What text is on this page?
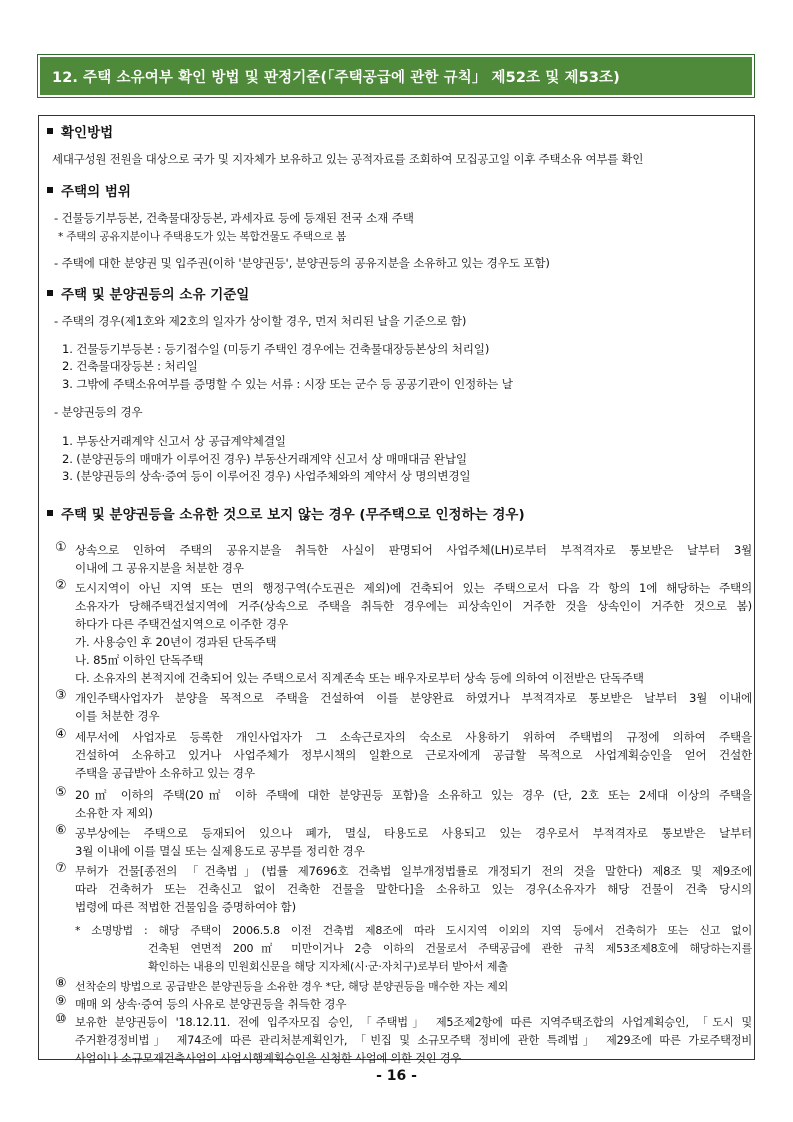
12. 주택 소유여부 확인 방법 및 판정기준(「주택공급에 관한 규칙」 제52조 및 제53조)
확인방법
세대구성원 전원을 대상으로 국가 및 지자체가 보유하고 있는 공적자료를 조회하여 모집공고일 이후 주택소유 여부를 확인
주택의 범위
- 건물등기부등본, 건축물대장등본, 과세자료 등에 등재된 전국 소재 주택
* 주택의 공유지분이나 주택용도가 있는 복합건물도 주택으로 봄
- 주택에 대한 분양권 및 입주권(이하 '분양권등', 분양권등의 공유지분을 소유하고 있는 경우도 포함)
주택 및 분양권등의 소유 기준일
- 주택의 경우(제1호와 제2호의 일자가 상이할 경우, 먼저 처리된 날을 기준으로 함)
1. 건물등기부등본 : 등기접수일 (미등기 주택인 경우에는 건축물대장등본상의 처리일)
2. 건축물대장등본 : 처리일
3. 그밖에 주택소유여부를 증명할 수 있는 서류 : 시장 또는 군수 등 공공기관이 인정하는 날
- 분양권등의 경우
1. 부동산거래계약 신고서 상 공급계약체결일
2. (분양권등의 매매가 이루어진 경우) 부동산거래계약 신고서 상 매매대금 완납일
3. (분양권등의 상속·증여 등이 이루어진 경우) 사업주체와의 계약서 상 명의변경일
주택 및 분양권등을 소유한 것으로 보지 않는 경우 (무주택으로 인정하는 경우)
① 상속으로 인하여 주택의 공유지분을 취득한 사실이 판명되어 사업주체(LH)로부터 부적격자로 통보받은 날부터 3월
이내에 그 공유지분을 처분한 경우
② 도시지역이 아닌 지역 또는 면의 행정구역(수도권은 제외)에 건축되어 있는 주택으로서 다음 각 항의 1에 해당하는 주택의
소유자가 당해주택건설지역에 거주(상속으로 주택을 취득한 경우에는 피상속인이 거주한 것을 상속인이 거주한 것으로 봄)
하다가 다른 주택건설지역으로 이주한 경우
가. 사용승인 후 20년이 경과된 단독주택
나. 85㎡ 이하인 단독주택
다. 소유자의 본적지에 건축되어 있는 주택으로서 직계존속 또는 배우자로부터 상속 등에 의하여 이전받은 단독주택
③ 개인주택사업자가 분양을 목적으로 주택을 건설하여 이를 분양완료 하였거나 부적격자로 통보받은 날부터 3월 이내에
이를 처분한 경우
④ 세무서에 사업자로 등록한 개인사업자가 그 소속근로자의 숙소로 사용하기 위하여 주택법의 규정에 의하여 주택을
건설하여 소유하고 있거나 사업주체가 정부시책의 일환으로 근로자에게 공급할 목적으로 사업계획승인을 얻어 건설한
주택을 공급받아 소유하고 있는 경우
⑤ 20㎡ 이하의 주택(20㎡ 이하 주택에 대한 분양권등 포함)을 소유하고 있는 경우 (단, 2호 또는 2세대 이상의 주택을
소유한 자 제외)
⑥ 공부상에는 주택으로 등재되어 있으나 폐가, 멸실, 타용도로 사용되고 있는 경우로서 부적격자로 통보받은 날부터
3월 이내에 이를 멸실 또는 실제용도로 공부를 정리한 경우
⑦ 무허가 건물[종전의 「건축법」(법률 제7696호 건축법 일부개정법률로 개정되기 전의 것을 말한다) 제8조 및 제9조에
따라 건축허가 또는 건축신고 없이 건축한 건물을 말한다]을 소유하고 있는 경우(소유자가 해당 건물이 건축 당시의
법령에 따른 적법한 건물임을 증명하여야 함)
* 소명방법 : 해당 주택이 2006.5.8 이전 건축법 제8조에 따라 도시지역 이외의 지역 등에서 건축허가 또는 신고 없이
건축된 연면적 200㎡ 미만이거나 2층 이하의 건물로서 주택공급에 관한 규칙 제53조제8호에 해당하는지를
확인하는 내용의 민원회신문을 해당 지자체(시·군·자치구)로부터 받아서 제출
⑧ 선착순의 방법으로 공급받은 분양권등을 소유한 경우 *단, 해당 분양권등을 매수한 자는 제외
⑨ 매매 외 상속·증여 등의 사유로 분양권등을 취득한 경우
⑩ 보유한 분양권등이 '18.12.11. 전에 입주자모집 승인, 「주택법」 제5조제2항에 따른 지역주택조합의 사업계획승인, 「도시 및
주거환경정비법」 제74조에 따른 관리처분계획인가, 「빈집 및 소규모주택 정비에 관한 특례법」 제29조에 따른 가로주택정비
사업이나 소규모재건축사업의 사업시행계획승인을 신청한 사업에 의한 것인 경우
- 16 -
